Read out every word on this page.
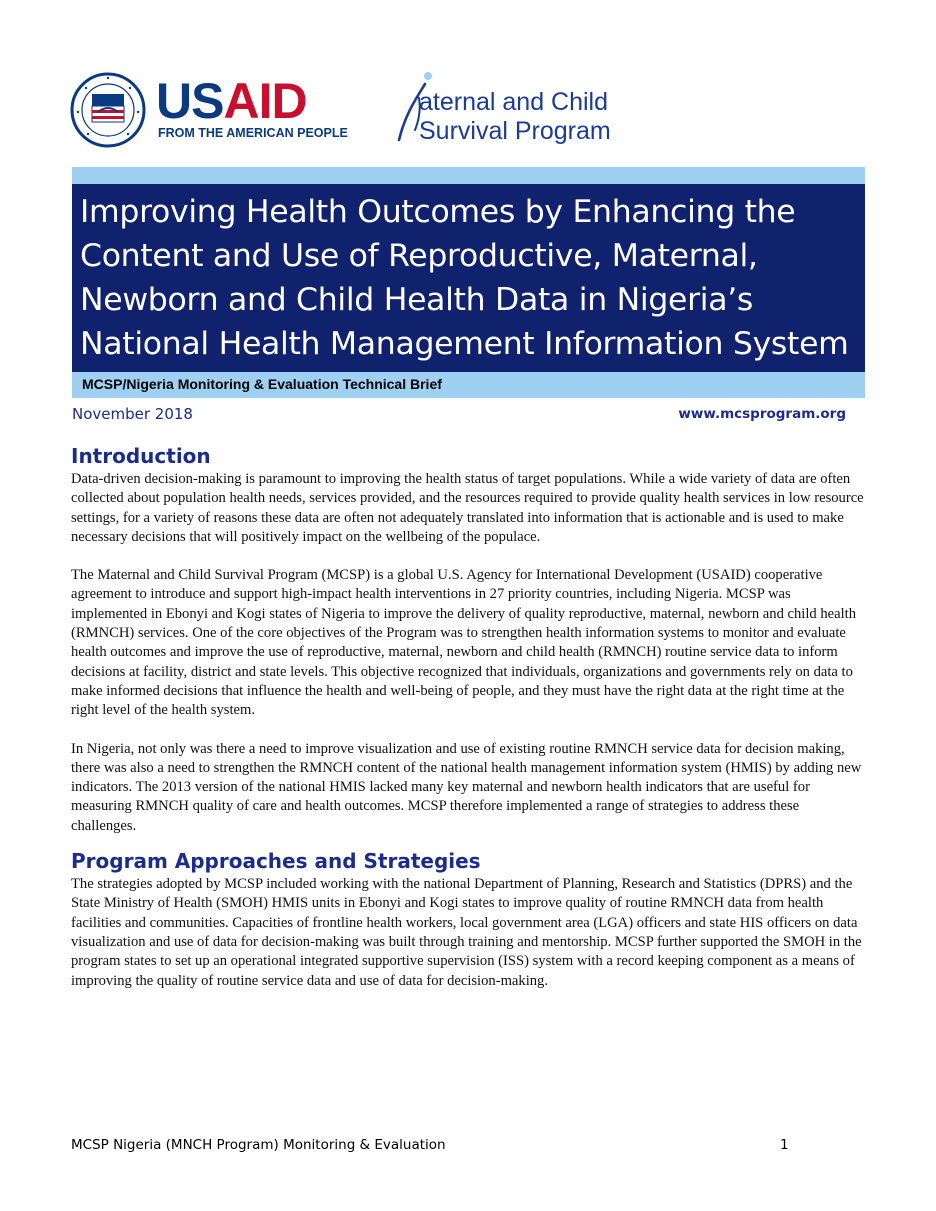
USAID
FROM THE AMERICAN PEOPLE
aternal and Child
Survival Program
Improving Health Outcomes by Enhancing the Content and Use of Reproductive, Maternal, Newborn and Child Health Data in Nigeria’s National Health Management Information System
MCSP/Nigeria Monitoring & Evaluation Technical Brief
November 2018	www.mcsprogram.org
Introduction

Data-driven decision-making is paramount to improving the health status of target populations. While a wide variety of data are often collected about population health needs, services provided, and the resources required to provide quality health services in low resource settings, for a variety of reasons these data are often not adequately translated into information that is actionable and is used to make necessary decisions that will positively impact on the wellbeing of the populace.

The Maternal and Child Survival Program (MCSP) is a global U.S. Agency for International Development (USAID) cooperative agreement to introduce and support high-impact health interventions in 27 priority countries, including Nigeria. MCSP was implemented in Ebonyi and Kogi states of Nigeria to improve the delivery of quality reproductive, maternal, newborn and child health (RMNCH) services. One of the core objectives of the Program was to strengthen health information systems to monitor and evaluate health outcomes and improve the use of reproductive, maternal, newborn and child health (RMNCH) routine service data to inform decisions at facility, district and state levels. This objective recognized that individuals, organizations and governments rely on data to make informed decisions that influence the health and well-being of people, and they must have the right data at the right time at the right level of the health system.

In Nigeria, not only was there a need to improve visualization and use of existing routine RMNCH service data for decision making, there was also a need to strengthen the RMNCH content of the national health management information system (HMIS) by adding new indicators. The 2013 version of the national HMIS lacked many key maternal and newborn health indicators that are useful for measuring RMNCH quality of care and health outcomes. MCSP therefore implemented a range of strategies to address these challenges.

Program Approaches and Strategies

The strategies adopted by MCSP included working with the national Department of Planning, Research and Statistics (DPRS) and the State Ministry of Health (SMOH) HMIS units in Ebonyi and Kogi states to improve quality of routine RMNCH data from health facilities and communities. Capacities of frontline health workers, local government area (LGA) officers and state HIS officers on data visualization and use of data for decision-making was built through training and mentorship. MCSP further supported the SMOH in the program states to set up an operational integrated supportive supervision (ISS) system with a record keeping component as a means of improving the quality of routine service data and use of data for decision-making.

MCSP Nigeria (MNCH Program) Monitoring & Evaluation	1
